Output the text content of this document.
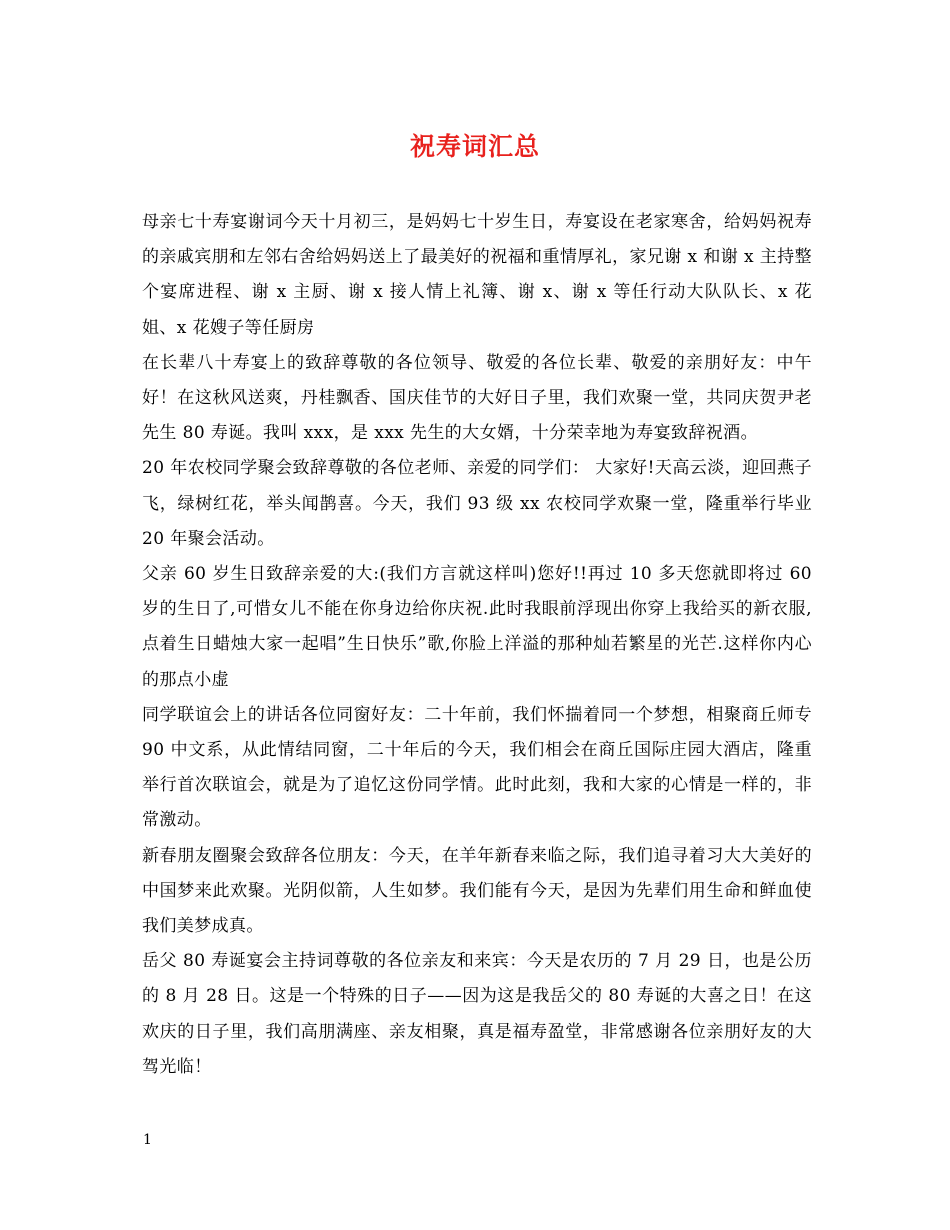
祝寿词汇总

母亲七十寿宴谢词今天十月初三，是妈妈七十岁生日，寿宴设在老家寒舍，给妈妈祝寿的亲戚宾朋和左邻右舍给妈妈送上了最美好的祝福和重情厚礼，家兄谢 x 和谢 x 主持整个宴席进程、谢 x 主厨、谢 x 接人情上礼簿、谢 x、谢 x 等任行动大队队长、x 花姐、x 花嫂子等任厨房

在长辈八十寿宴上的致辞尊敬的各位领导、敬爱的各位长辈、敬爱的亲朋好友：中午好！在这秋风送爽，丹桂飘香、国庆佳节的大好日子里，我们欢聚一堂，共同庆贺尹老先生 80 寿诞。我叫 xxx，是 xxx 先生的大女婿，十分荣幸地为寿宴致辞祝酒。

20 年农校同学聚会致辞尊敬的各位老师、亲爱的同学们： 大家好!天高云淡，迎回燕子飞，绿树红花，举头闻鹊喜。今天，我们 93 级 xx 农校同学欢聚一堂，隆重举行毕业 20 年聚会活动。

父亲 60 岁生日致辞亲爱的大:(我们方言就这样叫)您好!!再过 10 多天您就即将过 60 岁的生日了,可惜女儿不能在你身边给你庆祝.此时我眼前浮现出你穿上我给买的新衣服,点着生日蜡烛大家一起唱”生日快乐”歌,你脸上洋溢的那种灿若繁星的光芒.这样你内心的那点小虚

同学联谊会上的讲话各位同窗好友：二十年前，我们怀揣着同一个梦想，相聚商丘师专 90 中文系，从此情结同窗，二十年后的今天，我们相会在商丘国际庄园大酒店，隆重举行首次联谊会，就是为了追忆这份同学情。此时此刻，我和大家的心情是一样的，非常激动。

新春朋友圈聚会致辞各位朋友：今天，在羊年新春来临之际，我们追寻着习大大美好的中国梦来此欢聚。光阴似箭，人生如梦。我们能有今天，是因为先辈们用生命和鲜血使我们美梦成真。

岳父 80 寿诞宴会主持词尊敬的各位亲友和来宾：今天是农历的 7 月 29 日，也是公历的 8 月 28 日。这是一个特殊的日子——因为这是我岳父的 80 寿诞的大喜之日！在这欢庆的日子里，我们高朋满座、亲友相聚，真是福寿盈堂，非常感谢各位亲朋好友的大驾光临！

1
